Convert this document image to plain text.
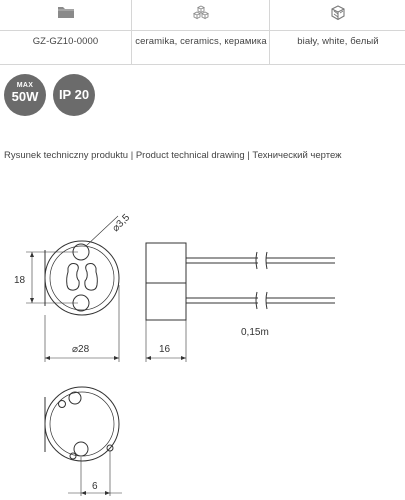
GZ-GZ10-0000	ceramika, ceramics, керамика	biały, white, белый
MAX
50W	IP 20
Rysunek techniczny produktu | Product technical drawing | Технический чертеж
18
⌀3,5
⌀28	16
0,15m
6
